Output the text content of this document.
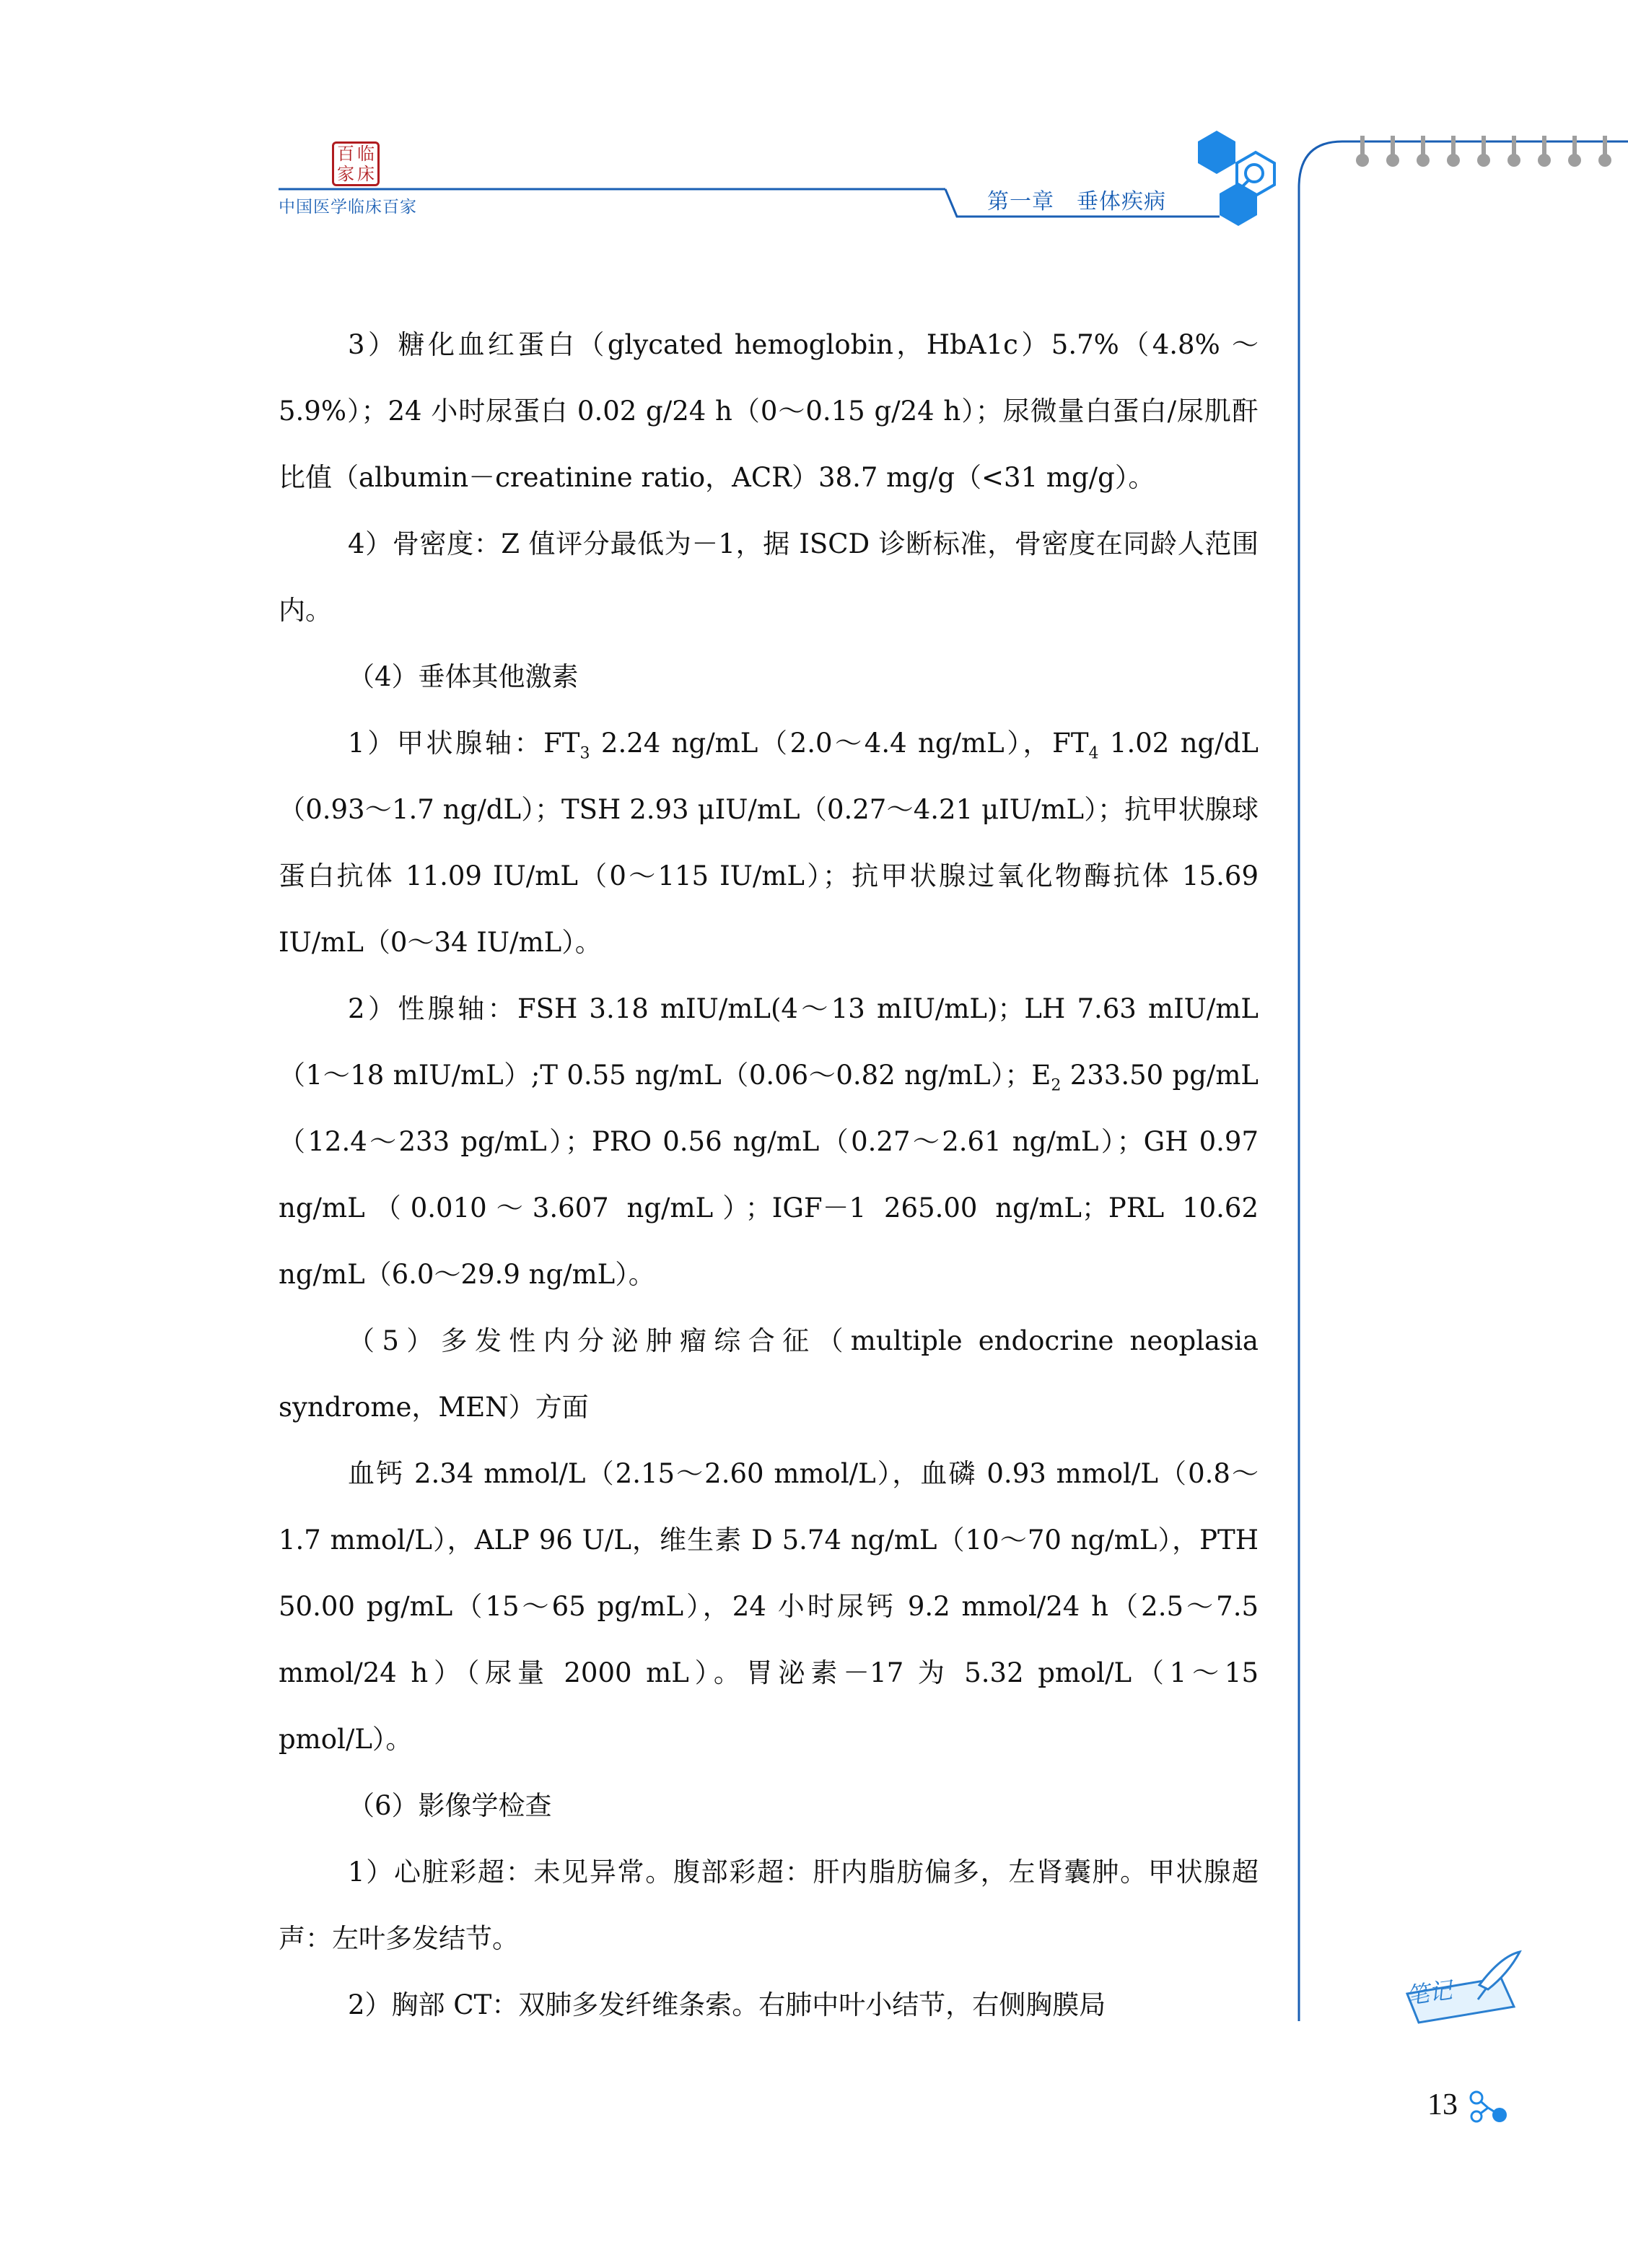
百 临
家 床
中国医学临床百家	第一章　垂体疾病

3）糖化血红蛋白（glycated hemoglobin，HbA1c）5.7%（4.8% ～ 5.9%）；24 小时尿蛋白 0.02 g/24 h（0～0.15 g/24 h）；尿微量白蛋白/尿肌酐比值（albumin－creatinine ratio，ACR）38.7 mg/g（<31 mg/g）。

4）骨密度：Z 值评分最低为－1，据 ISCD 诊断标准，骨密度在同龄人范围内。

（4）垂体其他激素

1）甲状腺轴：$FT_3$ 2.24 ng/mL（2.0～4.4 ng/mL），$FT_4$ 1.02 ng/dL（0.93～1.7 ng/dL）；TSH 2.93 μIU/mL（0.27～4.21 μIU/mL）；抗甲状腺球蛋白抗体 11.09 IU/mL（0～115 IU/mL）；抗甲状腺过氧化物酶抗体 15.69 IU/mL（0～34 IU/mL）。

2）性腺轴：FSH 3.18 mIU/mL(4～13 mIU/mL)；LH 7.63 mIU/mL（1～18 mIU/mL）;T 0.55 ng/mL（0.06～0.82 ng/mL）；$E_2$ 233.50 pg/mL（12.4～233 pg/mL）；PRO 0.56 ng/mL（0.27～2.61 ng/mL）；GH 0.97 ng/mL（0.010～3.607 ng/mL）；IGF－1 265.00 ng/mL；PRL 10.62 ng/mL（6.0～29.9 ng/mL）。

（5）多发性内分泌肿瘤综合征（multiple endocrine neoplasia syndrome，MEN）方面

血钙 2.34 mmol/L（2.15～2.60 mmol/L），血磷 0.93 mmol/L（0.8～1.7 mmol/L），ALP 96 U/L，维生素 D 5.74 ng/mL（10～70 ng/mL），PTH 50.00 pg/mL（15～65 pg/mL），24 小时尿钙 9.2 mmol/24 h（2.5～7.5 mmol/24 h）（尿量 2000 mL）。胃泌素－17 为 5.32 pmol/L（1～15 pmol/L）。

（6）影像学检查

1）心脏彩超：未见异常。腹部彩超：肝内脂肪偏多，左肾囊肿。甲状腺超声：左叶多发结节。

2）胸部 CT：双肺多发纤维条索。右肺中叶小结节，右侧胸膜局	笔记
13
